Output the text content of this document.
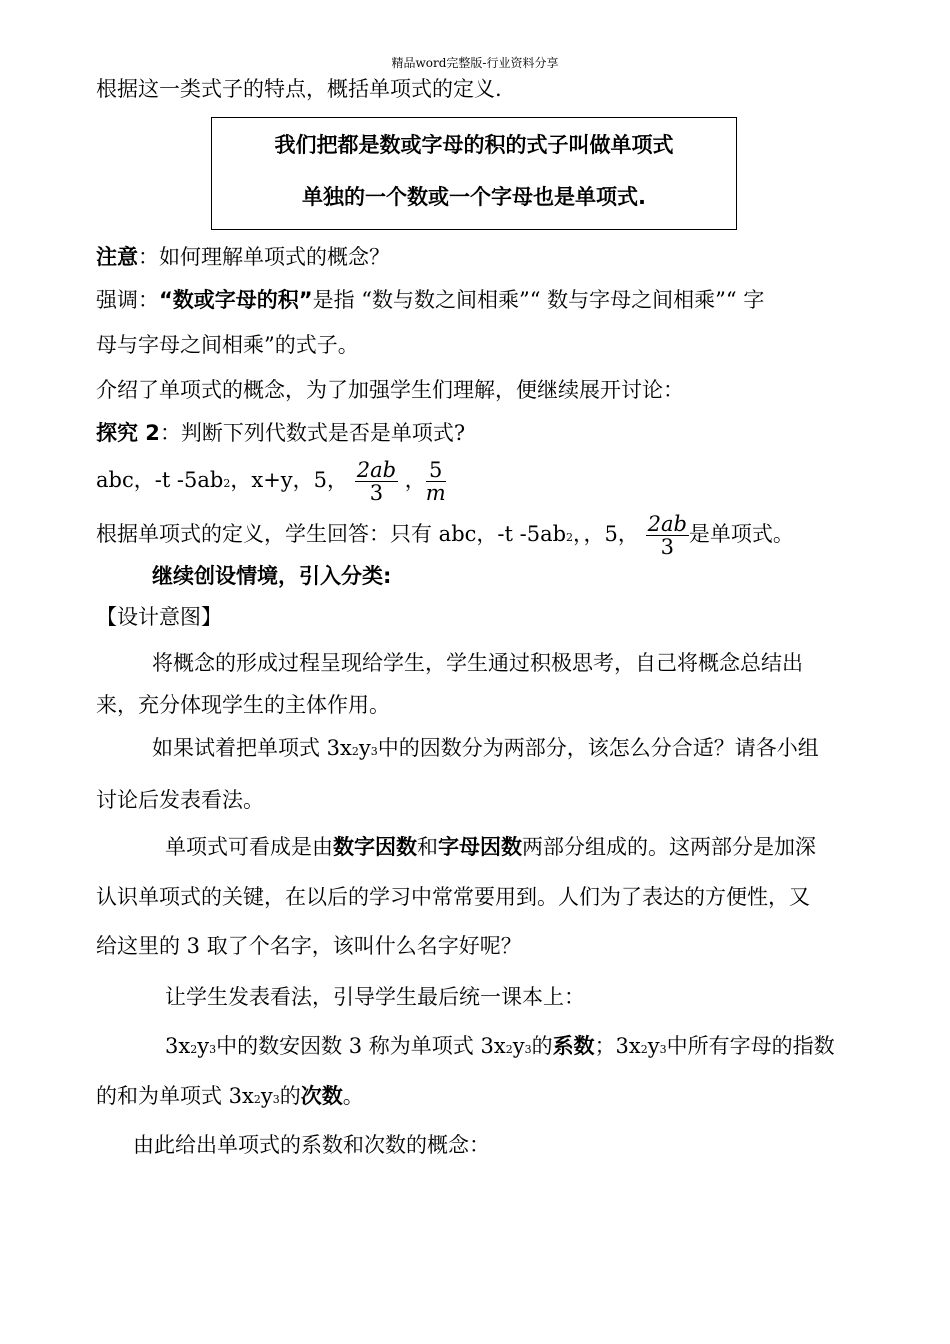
精品word完整版-行业资料分享
根据这一类式子的特点，概括单项式的定义.
我们把都是数或字母的积的式子叫做单项式
单独的一个数或一个字母也是单项式.
注意：如何理解单项式的概念？
强调：“数或字母的积”是指 “数与数之间相乘”“ 数与字母之间相乘”“ 字
母与字母之间相乘”的式子。
介绍了单项式的概念，为了加强学生们理解，便继续展开讨论：
探究 2：判断下列代数式是否是单项式?
abc，-t -5ab2，x+y，5， $\frac{2ab}{3}$ ， $\frac{5}{m}$
根据单项式的定义，学生回答：只有 abc，-t -5ab2，，5， $\frac{2ab}{3}$ 是单项式。
继续创设情境，引入分类:
【设计意图】
将概念的形成过程呈现给学生，学生通过积极思考，自己将概念总结出
来，充分体现学生的主体作用。
如果试着把单项式 3x2y3中的因数分为两部分，该怎么分合适？请各小组
讨论后发表看法。
单项式可看成是由数字因数和字母因数两部分组成的。这两部分是加深
认识单项式的关键，在以后的学习中常常要用到。人们为了表达的方便性，又
给这里的 3 取了个名字，该叫什么名字好呢？
让学生发表看法，引导学生最后统一课本上：
3x2y3中的数安因数 3 称为单项式 3x2y3的系数；3x2y3中所有字母的指数
的和为单项式 3x2y3的次数。
由此给出单项式的系数和次数的概念：
